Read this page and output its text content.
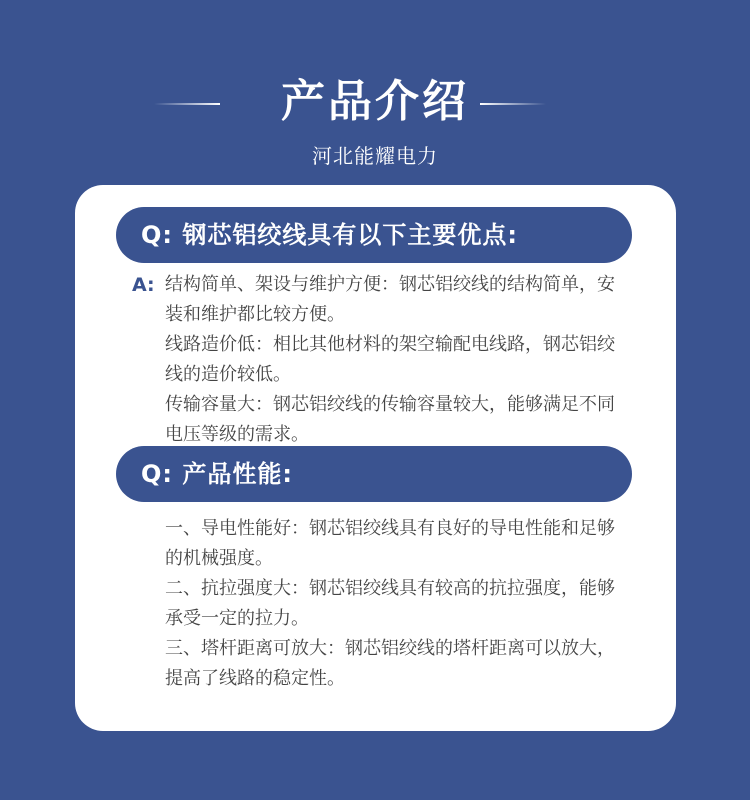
产品介绍
河北能耀电力
Q: 钢芯铝绞线具有以下主要优点:
A: 结构简单、架设与维护方便：钢芯铝绞线的结构简单，安装和维护都比较方便。

线路造价低：相比其他材料的架空输配电线路，钢芯铝绞线的造价较低。

传输容量大：钢芯铝绞线的传输容量较大，能够满足不同电压等级的需求。

Q: 产品性能:

一、导电性能好：钢芯铝绞线具有良好的导电性能和足够的机械强度。

二、抗拉强度大：钢芯铝绞线具有较高的抗拉强度，能够承受一定的拉力。

三、塔杆距离可放大：钢芯铝绞线的塔杆距离可以放大，提高了线路的稳定性。
